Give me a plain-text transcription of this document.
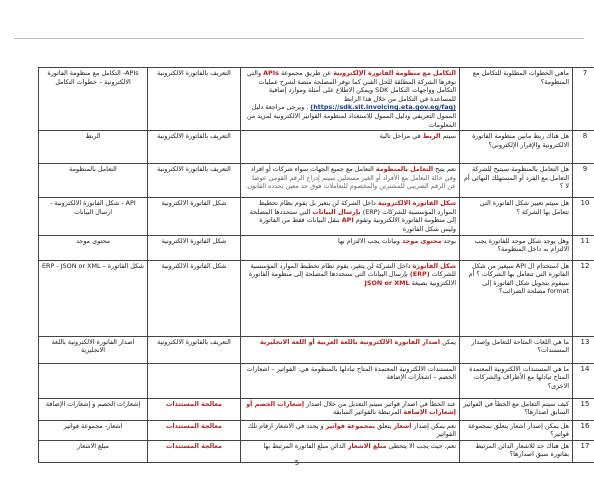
7	ماهي الخطوات المطلوبة للتكامل مع المنظومة؟	التكامل مع منظومة الفاتورة الإلكترونية عن طريق مجموعة APIs والتي توفرها الشركة المطلقة للحل الفني كما توفر المصلحة منصة لشرح عمليات التكامل وواجهات التكامل SDK ويمكن الاطلاع على أمثلة وموارد إضافية للمساعدة في التكامل من خلال هذا الرابط (https://sdk.sit.invoicing.eta.gov.eg/faq) . ويرجى مراجعة دليل الممول التعريفي ودليل الممول للاستعداد لمنظومة الفواتير الالكترونية لمزيد من المعلومات	التعريف بالفاتورة الالكترونية	APIs- التكامل مع منظومة الفاتورة الالكترونية – خطوات التكامل
8	هل هناك ربط مابين منظومة الفاتورة الالكترونية والإقرار الإلكتروني؟	سيتم الربط في مراحل تالية	التعريف بالفاتورة الالكترونية	الربط
9	هل التعامل بالمنظومة سيتيح للشركة التعامل مع الفرد أو المستهلك النهائي أم لا ؟	نعم يتيح التعامل بالمنظومة التعامل مع جميع الجهات سواء شركات أو افراد وفي حالة التعامل مع الأفراد أو الغير مسجلين سيتم إدراج الرقم القومي عوضا عن الرقم الضريبي للمشترين والمخصوم للتعاملات فوق حد معين يحدده القانون.	التعريف بالفاتورة الالكترونية	التعامل بالمنظومة
10	هل سيتم تغيير شكل الفاتورة التي تتعامل بها الشركة ؟	شكل الفاتورة الالكترونية داخل الشركة لن يتغير بل يقوم نظام تخطيط الموارد المؤسسية للشركات (ERP) بإرسال البيانات التي ستحددها المصلحة إلى منظومة الفاتورة الالكترونية وتقوم API بنقل البيانات فقط من الفاتورة وليس شكل الفاتورة	شكل الفاتورة الالكترونية	API - شكل الفاتورة الالكترونية - ارسال البيانات
11	وهل يوجد شكل موحد للفاتورة يجب الالتزام به داخل المنظومة؟	يوجد محتوى موحد وبيانات يجب الالتزام بها	شكل الفاتورة الالكترونية	محتوى موحد
12	هل استخدام ال API سيغير من شكل الفاتورة التي تتعامل بها الشركات ؟ أم سيقوم بتحويل شكل الفاتورة إلى format مصلحة الضرائب؟	شكل الفاتورة داخل الشركة لن يتغير، يقوم نظام تخطيط الموارد المؤسسية للشركات (ERP) بإرسال البيانات التي ستحددها المصلحة إلى منظومة الفاتورة الالكترونية بصيغة JSON or XML	شكل الفاتورة الالكترونية	شكل الفاتورة – ERP - JSON or XML
13	ما هي اللغات المتاحة للتعامل وإصدار المستندات؟	يمكن اصدار الفاتورة الالكترونية باللغة العربية أو اللغة الانجليزية	التعريف بالفاتورة الالكترونية	اصدار الفاتورة الالكترونية باللغة الانجليزية
14	ما هي المستندات الالكترونية المعتمدة المتاح تبادلها مع الأطراف والشركات الاخرى؟	المستندات الالكترونية المعتمدة المتاح تبادلها بالمنظومة هي: الفواتير – اشعارات الخصم – اشعارات الإضافة		
15	كيف سيتم التعامل مع الخطأ في الفواتير السابق اصدارها؟	عند الخطأ في اصدار فواتير سيتم التعديل من خلال اصدار إشعارات الخصم أو إشعارات الإضافة المرتبطة بالفواتير السابقة	معالجة المستندات	إشعارات الخصم و إشعارات الإضافة
16	هل يمكن إصدار اشعار يتعلق بمجموعة فواتير؟	نعم يمكن إصدار اشعار يتعلق بمجموعة فواتير و يحدد في الاشعار ارقام تلك الفواتير	معالجة المستندات	اشعار- مجموعة فواتير
17	هل هناك حد للاشعار الدائن المرتبط بفاتورة سبق اصدارها؟	نعم، حيث يجب الا يتخطى مبلغ الاشعار الدائن مبلغ الفاتورة المرتبط بها	معالجة المستندات	مبلغ الاشعار
5
